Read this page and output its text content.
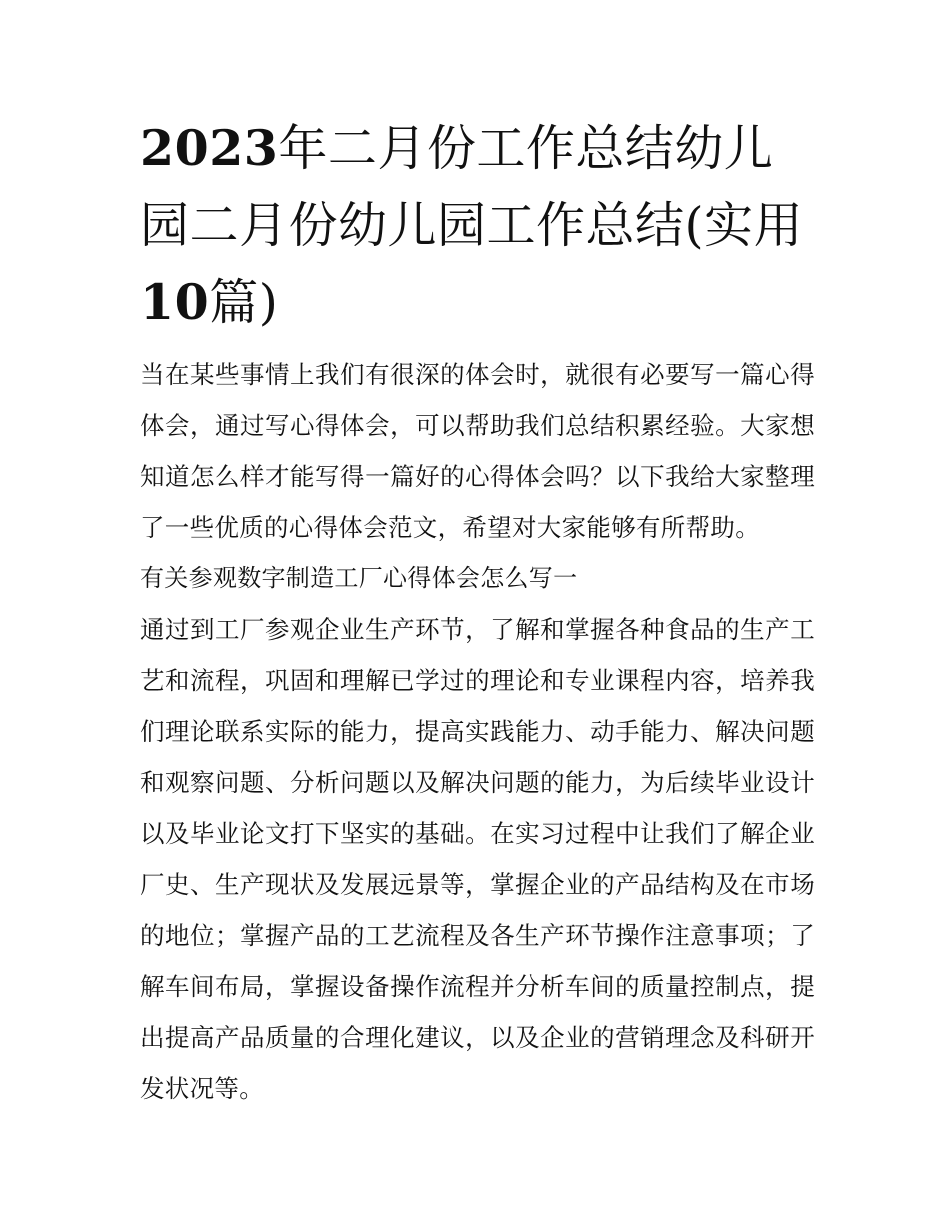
2023年二月份工作总结幼儿园二月份幼儿园工作总结(实用
10篇)

当在某些事情上我们有很深的体会时，就很有必要写一篇心得体会，通过写心得体会，可以帮助我们总结积累经验。大家想知道怎么样才能写得一篇好的心得体会吗？以下我给大家整理了一些优质的心得体会范文，希望对大家能够有所帮助。

有关参观数字制造工厂心得体会怎么写一

通过到工厂参观企业生产环节，了解和掌握各种食品的生产工艺和流程，巩固和理解已学过的理论和专业课程内容，培养我们理论联系实际的能力，提高实践能力、动手能力、解决问题和观察问题、分析问题以及解决问题的能力，为后续毕业设计以及毕业论文打下坚实的基础。在实习过程中让我们了解企业厂史、生产现状及发展远景等，掌握企业的产品结构及在市场的地位；掌握产品的工艺流程及各生产环节操作注意事项；了解车间布局，掌握设备操作流程并分析车间的质量控制点，提出提高产品质量的合理化建议，以及企业的营销理念及科研开发状况等。
